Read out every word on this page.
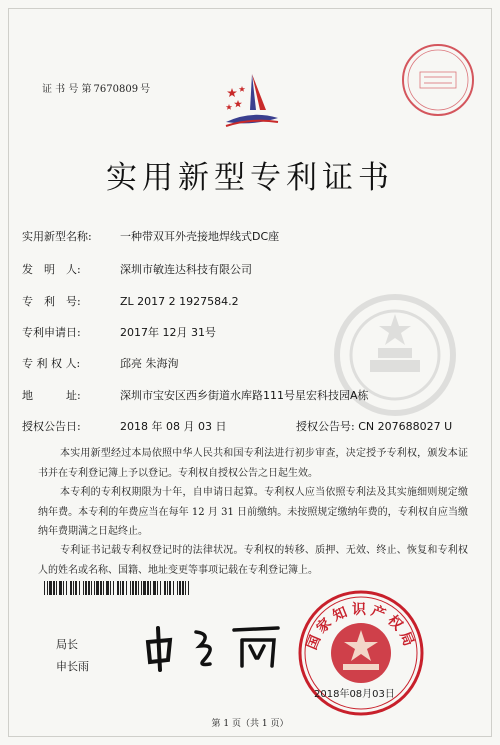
证 书 号 第 7670809 号
实用新型专利证书
实用新型名称:	一种带双耳外壳接地焊线式DC座
发　明　人:	深圳市敏连达科技有限公司
专　利　号:	ZL 2017 2 1927584.2
专利申请日:	2017年 12月 31号
专 利 权 人:	邱亮 朱海洵
地　　　址:	深圳市宝安区西乡街道水库路111号星宏科技园A栋
授权公告日:	2018 年 08 月 03 日	授权公告号: CN 207688027 U

本实用新型经过本局依照中华人民共和国专利法进行初步审查，决定授予专利权，颁发本证书并在专利登记簿上予以登记。专利权自授权公告之日起生效。

本专利的专利权期限为十年，自申请日起算。专利权人应当依照专利法及其实施细则规定缴纳年费。本专利的年费应当在每年 12 月 31 日前缴纳。未按照规定缴纳年费的，专利权自应当缴纳年费期满之日起终止。

专利证书记载专利权登记时的法律状况。专利权的转移、质押、无效、终止、恢复和专利权人的姓名或名称、国籍、地址变更等事项记载在专利登记簿上。

局长
申长雨
国家知识产权局
2018年08月03日
第 1 页（共 1 页）
